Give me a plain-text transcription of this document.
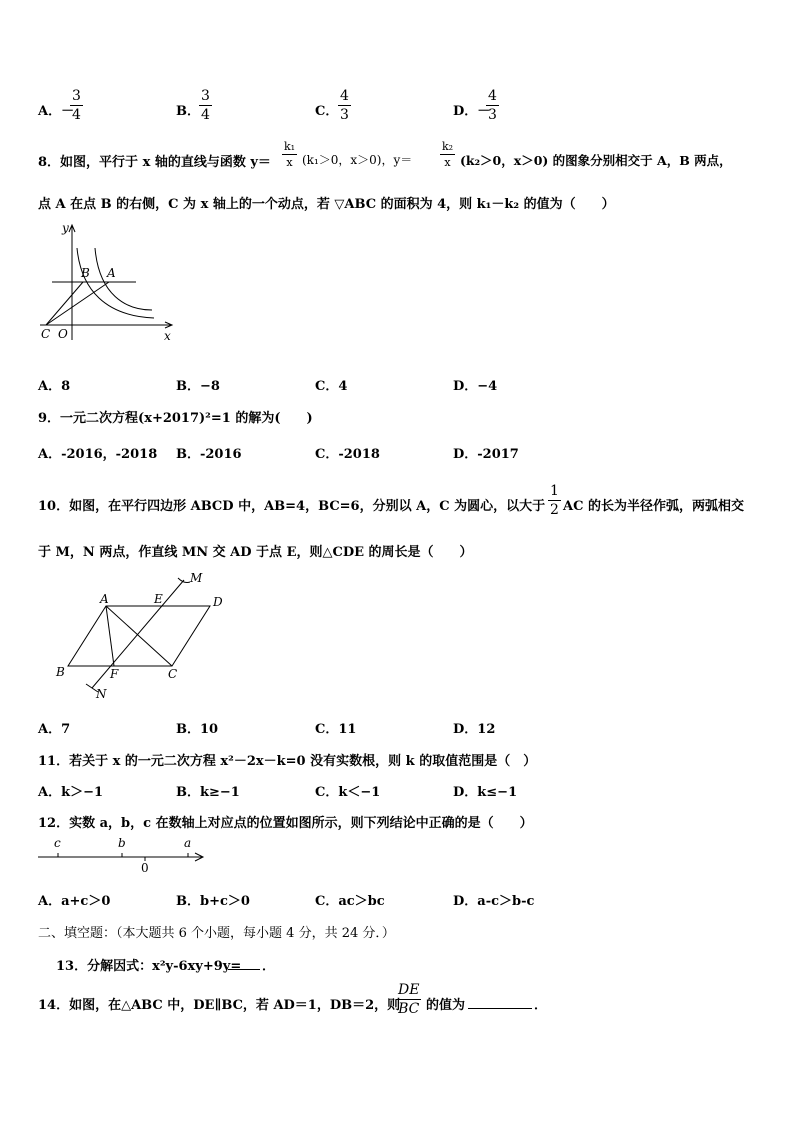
A．－
$\frac{3}{4}$	B． $\frac{3}{4}$	C． $\frac{4}{3}$	D．－
$\frac{4}{3}$
8．如图，平行于 x 轴的直线与函数 $y= \frac{\text{k₁}}{x} (k_1>0$，x＞0)，y＝	$\frac{\text{k₂}}{x} (k_2>0$，x＞0) 的图象分别相交于 A，B 两点，
点 A 在点 B 的右侧，C 为 x 轴上的一个动点，若 ▽ABC 的面积为 4，则 k₁－k₂ 的值为（　　）
y
x
B A
C O
A．8	B．−8	C．4	D．−4
9．一元二次方程(x+2017)²=1 的解为(　　)
A．-2016，-2018 B．-2016	C．-2018	D．-2017
10．如图，在平行四边形 ABCD 中，AB=4，BC=6，分别以 A，C 为圆心，以大于 $\frac{1}{2}$ AC 的长为半径作弧，两弧相交
于 M，N 两点，作直线 MN 交 AD 于点 E，则△CDE 的周长是（　　）
M
A	E	D
B	F	C
N
A．7	B．10	C．11	D．12
11．若关于 x 的一元二次方程 x²－2x－k=0 没有实数根，则 k 的取值范围是（　）
A．k＞−1	B．k≥−1	C．k＜−1	D．k≤−1
12．实数 a，b，c 在数轴上对应点的位置如图所示，则下列结论中正确的是（　　）
c	b	a
0
A．a+c＞0	B．b+c＞0	C．ac＞bc	D．a-c＞b-c
二、填空题：（本大题共 6 个小题，每小题 4 分，共 24 分．）
13．分解因式：x²y-6xy+9y= ．
14．如图，在△ABC 中，DE∥BC，若 AD＝1，DB＝2，则
$\frac{DE}{BC}$ 的值为	．
